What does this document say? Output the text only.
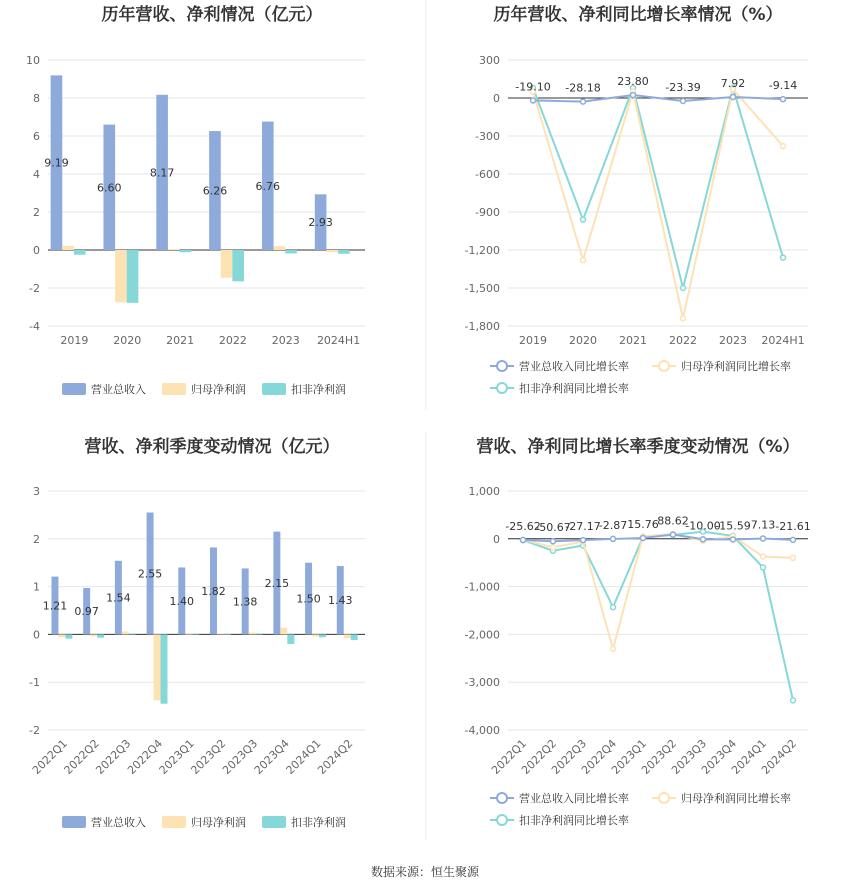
历年营收、净利情况（亿元）
10
8
6
4
2
0
-2
-4
2019 2020 2021 2022 2023 2024H1
9.19
6.60
8.17
6.26	6.76
2.93
营业总收入	归母净利润	扣非净利润
历年营收、净利同比增长率情况（%）
300
0
-300
-600
-900
-1,200
-1,500
-1,800
2019 2020 2021 2022 2023 2024H1
-19.10 -28.18
23.80 -23.39 7.92 -9.14
营业总收入同比增长率	归母净利润同比增长率
扣非净利润同比增长率
营收、净利季度变动情况（亿元）
3
2
1
0
-1
-2
2022Q1
2022Q2
2022Q3
2022Q4
2023Q1
2023Q2
2023Q3
2023Q4
2024Q1
2024Q2
1.21 0.97
1.54
2.55
1.40
1.82
1.38
2.15
1.50 1.43
营业总收入	归母净利润	扣非净利润
营收、净利同比增长率季度变动情况（%）
1,000
0
-1,000
-2,000
-3,000
-4,000
2022Q1
2022Q2
2022Q3
2022Q4
2023Q1
2023Q2
2023Q3
2023Q4
2024Q1
2024Q2
-25.62
-50.67
-27.17
-2.87 15.76
88.62
-10.00
-15.59 7.13 -21.61
营业总收入同比增长率	归母净利润同比增长率
扣非净利润同比增长率
数据来源：恒生聚源
